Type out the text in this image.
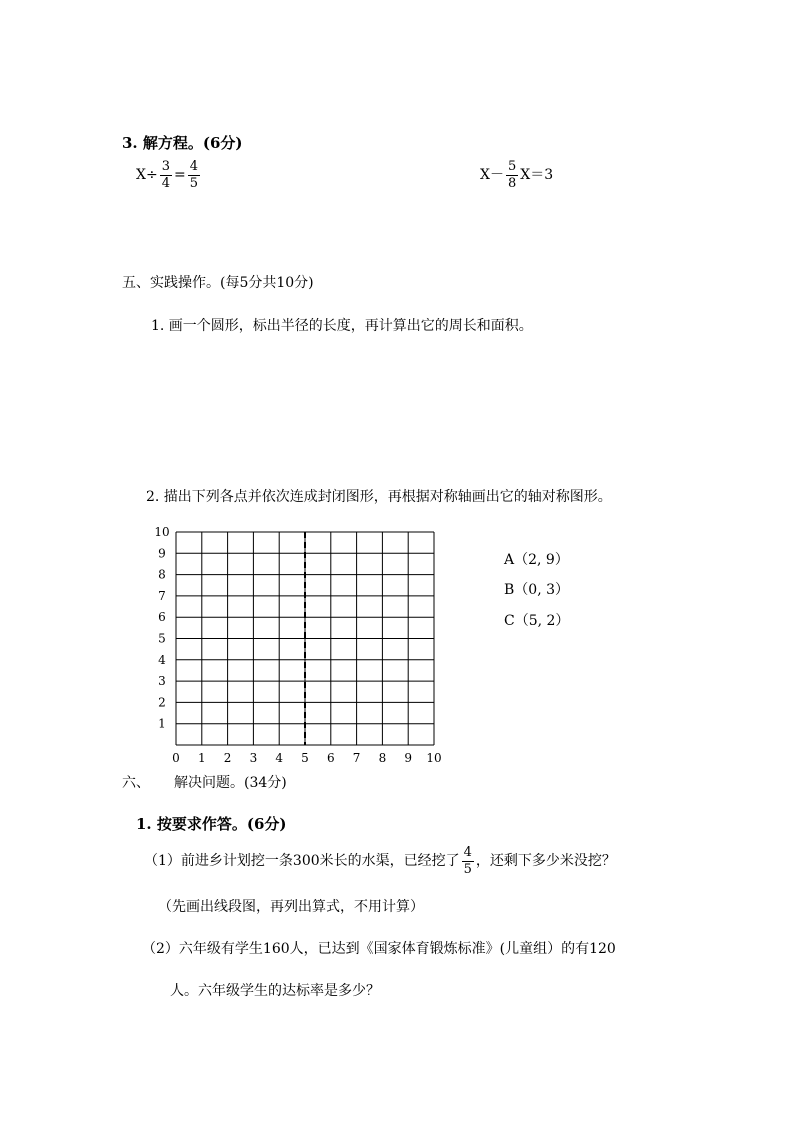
3. 解方程。(6分)
$X\div \frac{3}{4} = \frac{4}{5}$	$X- \frac{5}{8} X=3$
五、实践操作。(每5分共10分)
1. 画一个圆形，标出半径的长度，再计算出它的周长和面积。
2. 描出下列各点并依次连成封闭图形，再根据对称轴画出它的轴对称图形。
0 1 2 3 4 5 6 7 8 9 10
1
2
3
4
5
6
7
8
9
10
A（2, 9）
B（0, 3）
C（5, 2）
六、 解决问题。(34分)
1. 按要求作答。(6分)
（1）前进乡计划挖一条300米长的水渠，已经挖了 $\frac{4}{5}$ ，还剩下多少米没挖？
（先画出线段图，再列出算式，不用计算）
（2）六年级有学生160人，已达到《国家体育锻炼标准》(儿童组）的有120
人。六年级学生的达标率是多少？
